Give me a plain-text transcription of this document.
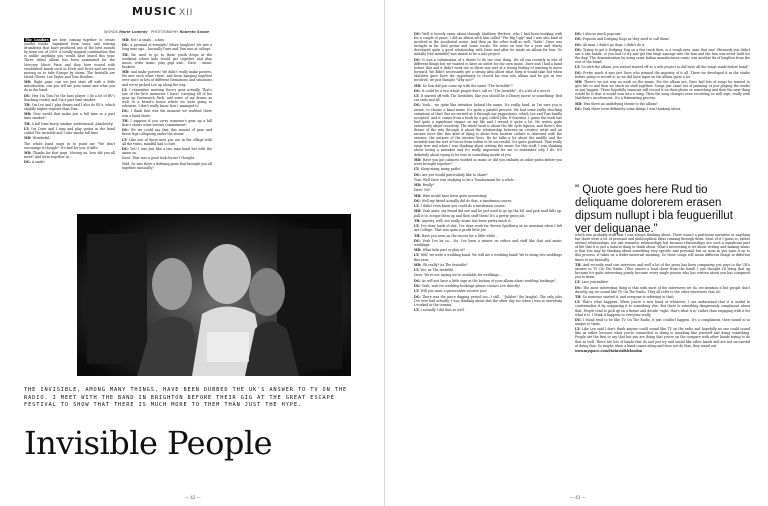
MUSIC XII
WORDS Marie Lomedy PHOTOGRAPHY Roberto Sonse

The Londors are best coming together to create soulful tracks. Ingrained from tours and stirring drumbeats that have produced one of the best sounds by some out of 2009. A totally magical combination that is unlike anything you would have heard this year. Three debut album has been nominated for the Mercury Music Prize and they have toured with established bands such as Feels and Drive and are now moving on to take Europe by storm. The frontalls are David Glover, Lee Taylor and Tom Heather.

MD: Right guys, can we just start off with a little introduction, can you tell me your name and what you do in the band.

DG: Hey I'm Tom I'm the bass player. I do a lot of BV's (backing vocals) and I'm a part time smoker.

TH: I'm Lee and I play drums and I also do BV's, which slightly higher register than Tom.

MD: Now would that make you a full time or a part time smoker?

TH: A full time heavy smoker, professional. Absolutely!

LT: I'm Dave and I sing and play guitar in the band called The Invisible and I also smoke full time.

MD: Wonderful!

The whole band stays in to paint me "We don't encourage it though!" It's bad for you, it kills!

MD: Thanks for that guys. Moving on, how did you all meet? And form together in...

DG: A smile!

MD: Not! A smile... a kiss.

DG: A pyramid of strength! (More laughter) We met a long time ago... basically Dave and Tom met at college.

TH: We used to go to these youth drops at the weekend where kids would get together and play music, write music, play gigs and... Dave: ...music baskets!

MD: and make posters! We didn't really make posters. We met each other there, and been hanging together ever since in lots of different formations and situations and we've picked Lee up along the way.

LT: I remember meeting Dave's gear actually. That's one of the first memories I have! Carrying all of his gear up Dartmouth Park, and some of my drums as well, to a friend's house where we were going to rehearse. I don't really know how I managed it!

DG: I think that was the moment we realised there was a band there.

TH: I suppose if you carry someone's gear up a hill that's shows some serious commitment!

DG: We we could say that this mound of gear and these legs collapsing under the strain!

LT: Like one of those men you see in the village with all the twins, mindful had to hire.

DG: Yes! I was just like a two man band but with the amen on.

Dave: That was a good look for me I thought.

Wild. So was there a defining point that brought you all together musically?

THE INVISIBLE, AMONG MANY THINGS, HAVE BEEN DUBBED THE UK'S ANSWER TO TV ON THE RADIO. I MEET WITH THE BAND IN BRIGHTON BEFORE THEIR GIG AT THE GREAT ESCAPE FESTIVAL TO SHOW THAT THERE IS MUCH MORE TO THEM THAN JUST THE HYPE.
Invisible People
— 42 —

DG: Well it loosely came about through Matthew Herbert, who I had been working with for a couple of years. I did an album with him called "The Big Ugly" and I was also kind of involved in the Accidental scene. And then on the other stuff as well, "Sada". Dave was brought in for lead guitar and some vocals. We went on tour for a year and Marty developed quite a good relationship with Dave and after he made an album for him. So initially [the invisible] was meant to be a solo project.

DG: It was a culmination of a desire to do our own thing. We all ran recently in lots of different things but we wanted to have an outlet for our own music. Dave and I had a band before that and it didn't work out so there was sort of a strong feeling of wanting to move forward. We didn't necessarily get a strong idea about what form it would take but when Matthew gave Dave the opportunity to record his own solo album and he got us two involved, we just thought "Why not?"

MD: So how did you come up with the name "The Invisible"?

DG: It could be a two whole people don't call us "The Invisible", it's a bit of a secret.

LT: It started off with The Invisibles, like you should be a Disney movie or something! Red cat suits and all.

DG: Yeah... we quite like intention behind the name. It's really hard, as I'm sure you is aware, to choose a band name. It's quite a painful process. We had some really shocking variations of that! But we arrived at it through our suggestions, which Lee and Tom hardly accepted. And it comes from a book by a guy called John D'Gourdon. I guess the book has had quite a significant impact on my life and I reread it quite a lot. He writes quite extensively about creativity. The whole book is about the life cycle figures, and there's this theme of the way through it about the relationship between an creative artist and an unseen force like this kind of thing is about how modern culture is obsessed with the exterior, the outputs of the interior lives. He be talks a lot about the middle and the invisible and the sort of forces from within to be successful. It's quite profound. That really rings true and when I was thinking about writing the music for this stuff, I was thinking about loving a mistakes and it's really important for me to remember why I do. It's definitely about trying to be true to something inside of you.

MD: Have you got cabinets worked in music or did you embark on other paths before you were brought together?

LT: Many many, many paths!

DG: Are you would particularly like to share?

Tom: Well Dave was studying to be a Tinsdaemant for a while...

MD: Really?

Dave: No!

MD: Wait would have been quite interesting!

DG: Well my friend actually did do that, a tinsdemon course.

LT: I didn't even know you could do a tinsdemon course.

MD: Yeah mate, my friend did one and he just used to go up the M1 and pick road kills up, pull it to, scrape them up and then stuff them! It's a pretty gross job.

TH: Anyway, well, not really, music has been pretty much it.

LT: I've done loads of shit. I've done work for Steven Spielberg as an assistant when I left Art College. That was quite a profit little job.

TH: Have you seen on the excess for a little while...

DG: Yeah I've be so... No, I've been a runner on videos and stuff like that and music weddings.

MD: What tubs part or play at?

LT: Well, we were a wedding band. We still are a wedding band! We're doing two weddings this year.

MD: Oh really? As The Invisible?

LT: Yes, as The Invisible.

Dave: We're not saying we're available for weddings...

DG: As will you have a little sign at the bottom of your album about wedding bookings?

DG: Yeah, wait for wedding bookings please contact Lee directly!

LT: Will you want a gatecrasher receive you!

DG: There was the piece digging period too...I still... "Jubilee" (he laughs). The only jobs I've ever had actually. I was thinking about this the other day too when I was at university I worked in the cinema.

LT: I actually I did that as well.

DG: I also so much popcorn!

DG: Popcorn and Dodging Dogs as they used to call them!

DG: Ah man, I didn't go dogs, I didn't do it.

DG: Trying to get a Dodging Dog on a few track then, is a tough area, man that one! Obviously you didn't see a one hands, or you had to try and get this huge sausage into the bun and the bun was never built for the dog! The demonstration by using some Indian manufactures comic was another fix of laughter from the rest of the band!

LT: So with the album, you waited started off as a solo project so did have all the songs made before hand?

DG: Pretty much it was just Dave who penned the majority of it all. There we developed it in the studio before going to record it, so we did have input on the album quite a lot.

MD: There's we not way on work on the music. For the album yes. Dave had lots of songs he wanted to give life to and then we stuck on stuff together. Songs just came out of jamming or just playing the studio or just happen. These hopefully someone will record it on their phone or something and then the next thing would be is that it would turn into a song. Then the song changes even recording as well sign, really with Matthew's involvement. It's a fermenting process.

MD: Was there an underlying theme to the album?

DG: Yeah there were definitely some things I was thinking about,

" Quote goes here Rud tio deliquame dolorerem erasen dipsum nullupt i bla feuguerillut ver deliquanae."

which was probably stuff that I was always thinking about. There wasn't a particular narrative or anything but there were a lot of personal and philosophical ideas running through them. Most of it I guess is, rather around relationships, not just romantic relationships but because relationships are such a significant part of life that it is just a natural thing to think about. What's interesting is we about writing and making music is that you may be thinking about something very specific and personal, but as soon as you open it up to this process, it takes on a wider universal meaning. So those songs will mean different things at different times to me basically.

TH: And recently read one interview and well a lot of the press has been comparing you guys to the UK's answer to TV On The Radio. (This causes a loud cheer from the band) I just thought I'd bring that up because it's quite interesting purely because every single person who has written about you has compared you to them.

LT: Lace journalists!

DG: The most interesting thing is that with most of the interviews we do, we mention it but people don't directly say we sound like TV On The Radio. They all refer to the other interviews that do.

TH: So someone started it, and everyone is referring to that!

LT: That's what happens. When you're a new band or whatever, I can understand that it is useful to contextualise it by comparing it to something else. But there is something dangerously complacent about that. People tend to pick up on a theme and decide "right, that's what it is" rather than engaging with it for what it is. I think it happens to everyone really.

DG: I stand tend to be like TV On The Radio, it just couldn't happen. It's a compliment, their sound is so unique to them.

LT: Like Lee said I don't think anyone could sound like TV on the radio and hopefully no one could sound like us either because what you're committed to doing is sounding like yourself and doing something. People are the first to say that but you are doing that you're on the compare with other bands trying to do that as well. There are lots of bands that do and just try and sound like other bands and are not successful at doing that. So maybe when a band comes along and does not do that, they stand out.

www.myspace.com/theinvisiblelondon

— 43 —
